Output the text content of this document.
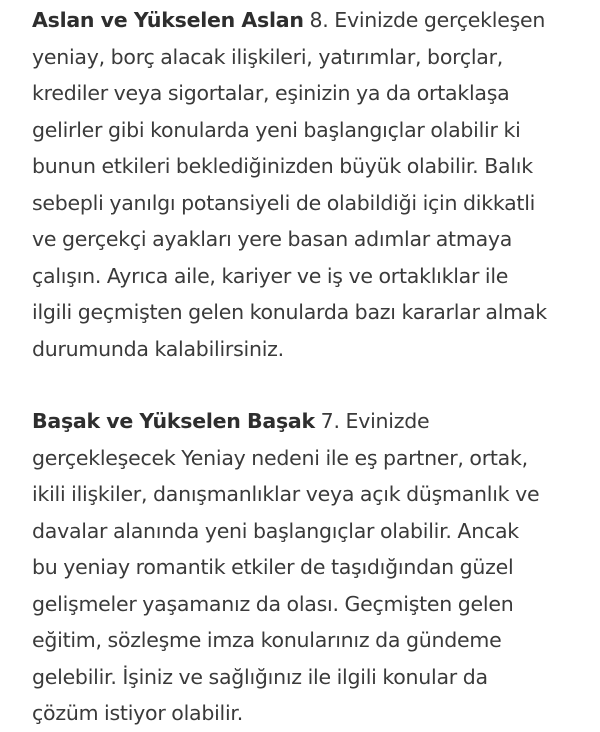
Aslan ve Yükselen Aslan 8. Evinizde gerçekleşen
yeniay, borç alacak ilişkileri, yatırımlar, borçlar,
krediler veya sigortalar, eşinizin ya da ortaklaşa
gelirler gibi konularda yeni başlangıçlar olabilir ki
bunun etkileri beklediğinizden büyük olabilir. Balık
sebepli yanılgı potansiyeli de olabildiği için dikkatli
ve gerçekçi ayakları yere basan adımlar atmaya
çalışın. Ayrıca aile, kariyer ve iş ve ortaklıklar ile
ilgili geçmişten gelen konularda bazı kararlar almak
durumunda kalabilirsiniz.

Başak ve Yükselen Başak 7. Evinizde
gerçekleşecek Yeniay nedeni ile eş partner, ortak,
ikili ilişkiler, danışmanlıklar veya açık düşmanlık ve
davalar alanında yeni başlangıçlar olabilir. Ancak
bu yeniay romantik etkiler de taşıdığından güzel
gelişmeler yaşamanız da olası. Geçmişten gelen
eğitim, sözleşme imza konularınız da gündeme
gelebilir. İşiniz ve sağlığınız ile ilgili konular da
çözüm istiyor olabilir.
